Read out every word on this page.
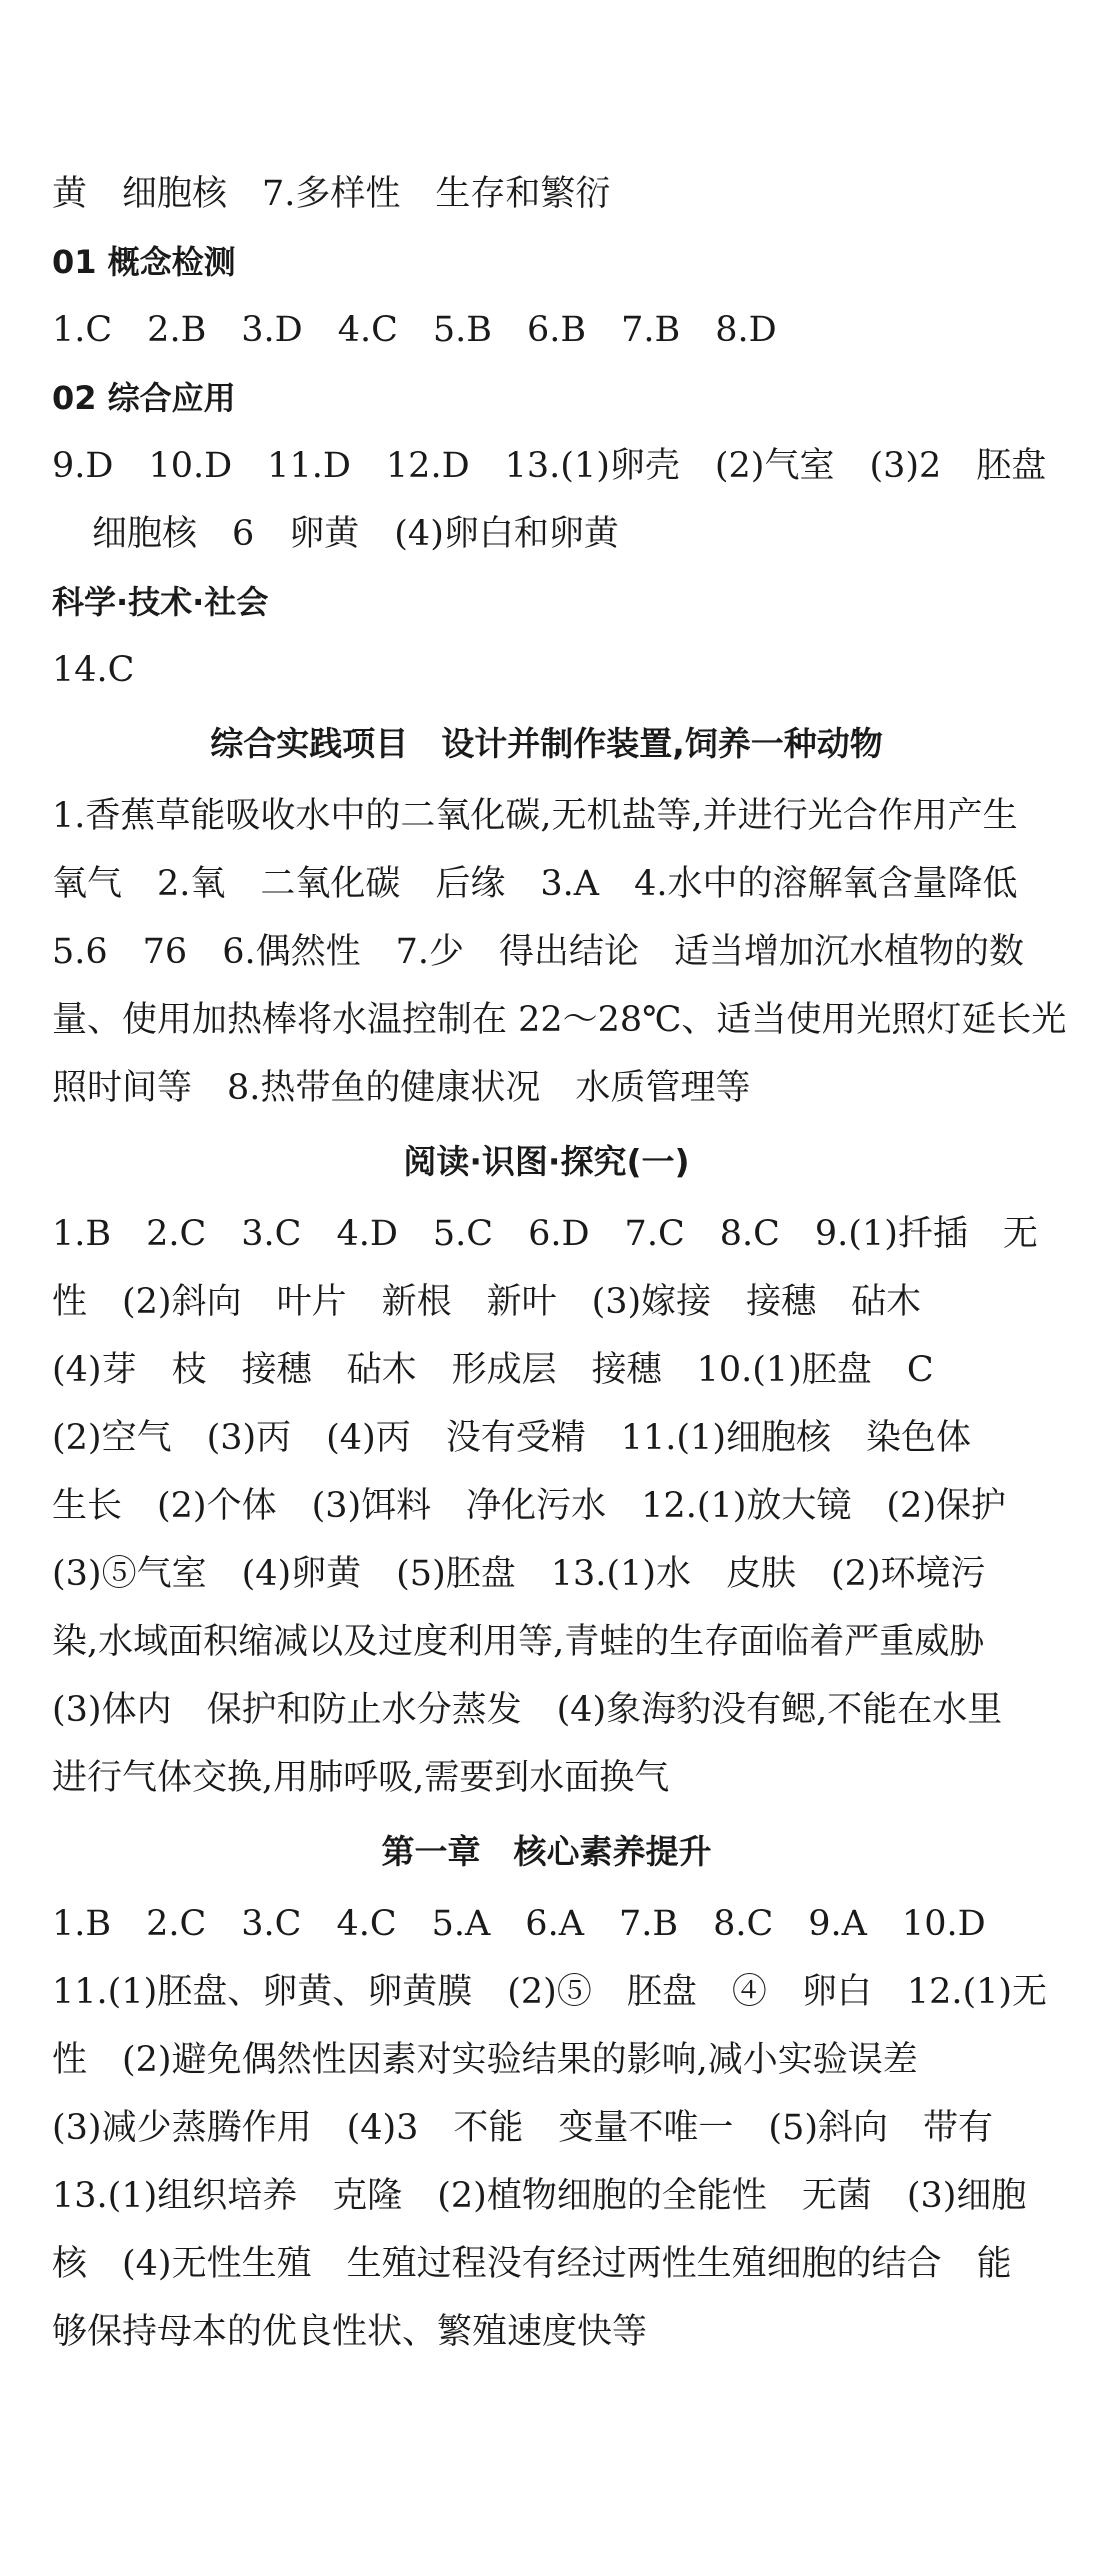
黄　细胞核　7.多样性　生存和繁衍
01 概念检测
1.C　2.B　3.D　4.C　5.B　6.B　7.B　8.D
02 综合应用
9.D　10.D　11.D　12.D　13.(1)卵壳　(2)气室　(3)2　胚盘
细胞核　6　卵黄　(4)卵白和卵黄
科学·技术·社会
14.C
综合实践项目　设计并制作装置,饲养一种动物
1.香蕉草能吸收水中的二氧化碳,无机盐等,并进行光合作用产生
氧气　2.氧　二氧化碳　后缘　3.A　4.水中的溶解氧含量降低
5.6　76　6.偶然性　7.少　得出结论　适当增加沉水植物的数
量、使用加热棒将水温控制在 22～28℃、适当使用光照灯延长光
照时间等　8.热带鱼的健康状况　水质管理等
阅读·识图·探究(一)
1.B　2.C　3.C　4.D　5.C　6.D　7.C　8.C　9.(1)扦插　无
性　(2)斜向　叶片　新根　新叶　(3)嫁接　接穗　砧木
(4)芽　枝　接穗　砧木　形成层　接穗　10.(1)胚盘　C
(2)空气　(3)丙　(4)丙　没有受精　11.(1)细胞核　染色体
生长　(2)个体　(3)饵料　净化污水　12.(1)放大镜　(2)保护
(3)⑤气室　(4)卵黄　(5)胚盘　13.(1)水　皮肤　(2)环境污
染,水域面积缩减以及过度利用等,青蛙的生存面临着严重威胁
(3)体内　保护和防止水分蒸发　(4)象海豹没有鳃,不能在水里
进行气体交换,用肺呼吸,需要到水面换气
第一章　核心素养提升
1.B　2.C　3.C　4.C　5.A　6.A　7.B　8.C　9.A　10.D
11.(1)胚盘、卵黄、卵黄膜　(2)⑤　胚盘　④　卵白　12.(1)无
性　(2)避免偶然性因素对实验结果的影响,减小实验误差
(3)减少蒸腾作用　(4)3　不能　变量不唯一　(5)斜向　带有
13.(1)组织培养　克隆　(2)植物细胞的全能性　无菌　(3)细胞
核　(4)无性生殖　生殖过程没有经过两性生殖细胞的结合　能
够保持母本的优良性状、繁殖速度快等
